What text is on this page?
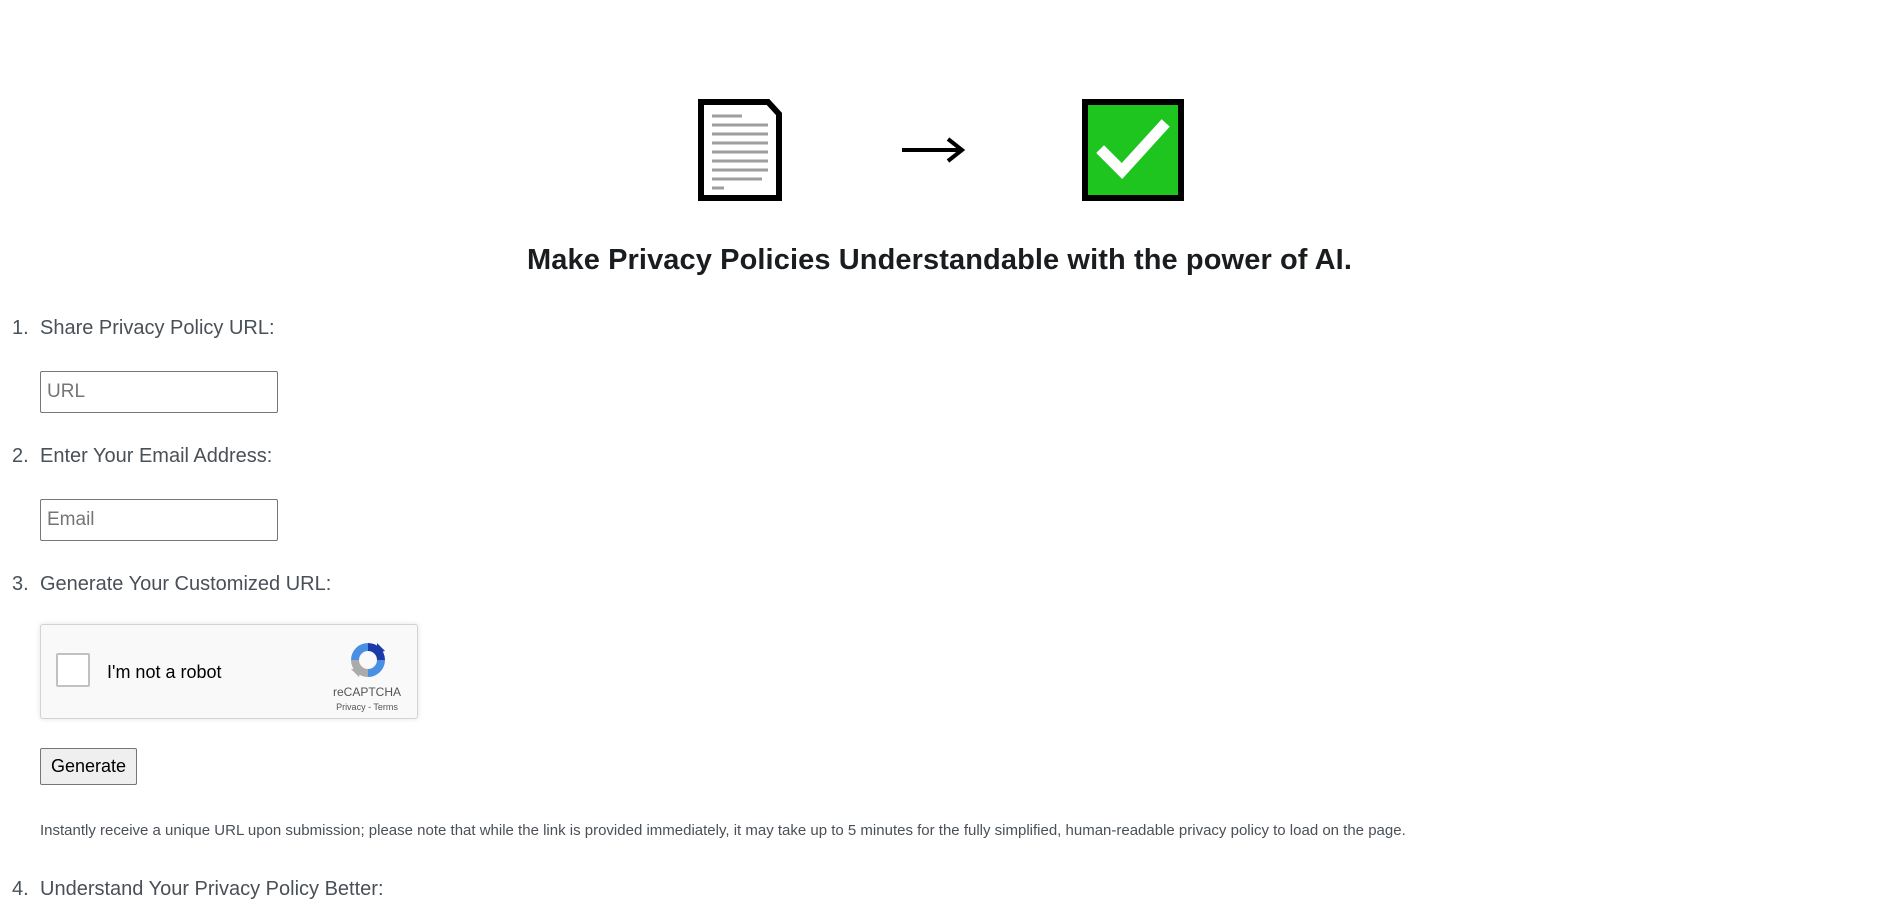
Make Privacy Policies Understandable with the power of AI.
1. Share Privacy Policy URL:
URL
2. Enter Your Email Address:
Email
3. Generate Your Customized URL:
I'm not a robot
reCAPTCHA
Privacy - Terms
Generate
Instantly receive a unique URL upon submission; please note that while the link is provided immediately, it may take up to 5 minutes for the fully simplified, human-readable privacy policy to load on the page.
4. Understand Your Privacy Policy Better:
